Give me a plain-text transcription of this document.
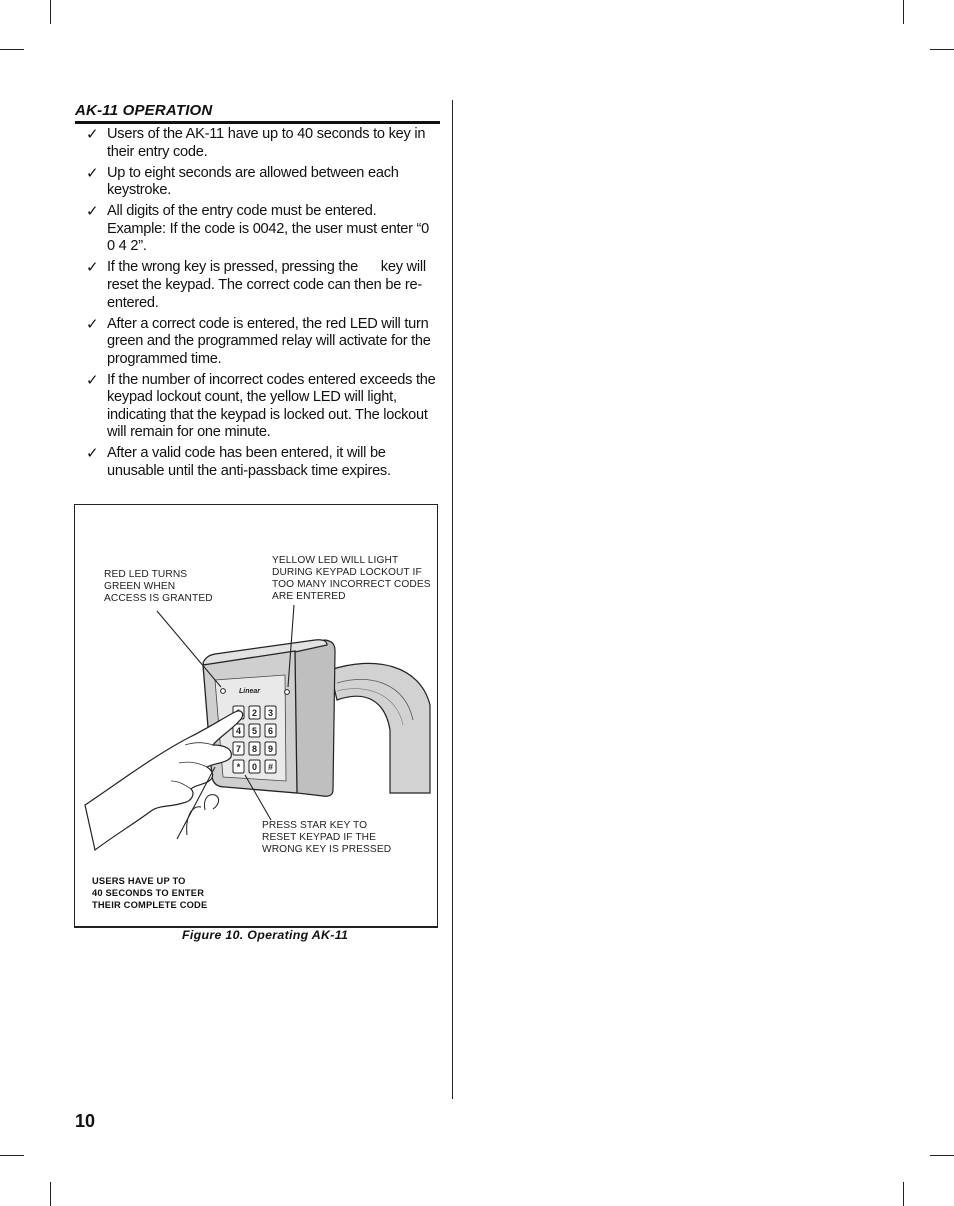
AK-11 OPERATION
✓ Users of the AK-11 have up to 40 seconds to key in their entry code.
✓ Up to eight seconds are allowed between each keystroke.
✓ All digits of the entry code must be entered. Example: If the code is 0042, the user must enter “0 0 4 2”.
✓ If the wrong key is pressed, pressing the      key will reset the keypad. The correct code can then be re-entered.
✓ After a correct code is entered, the red LED will turn green and the programmed relay will activate for the programmed time.
✓ If the number of incorrect codes entered exceeds the keypad lockout count, the yellow LED will light, indicating that the keypad is locked out. The lockout will remain for one minute.
✓ After a valid code has been entered, it will be unusable until the anti-passback time expires.
Linear
2 3
4 5 6
7 8 9
* 0 #
RED LED TURNS
GREEN WHEN
ACCESS IS GRANTED
YELLOW LED WILL LIGHT
DURING KEYPAD LOCKOUT IF
TOO MANY INCORRECT CODES
ARE ENTERED
PRESS STAR KEY TO
RESET KEYPAD IF THE
WRONG KEY IS PRESSED
USERS HAVE UP TO
40 SECONDS TO ENTER
THEIR COMPLETE CODE
Figure 10. Operating AK-11
10
